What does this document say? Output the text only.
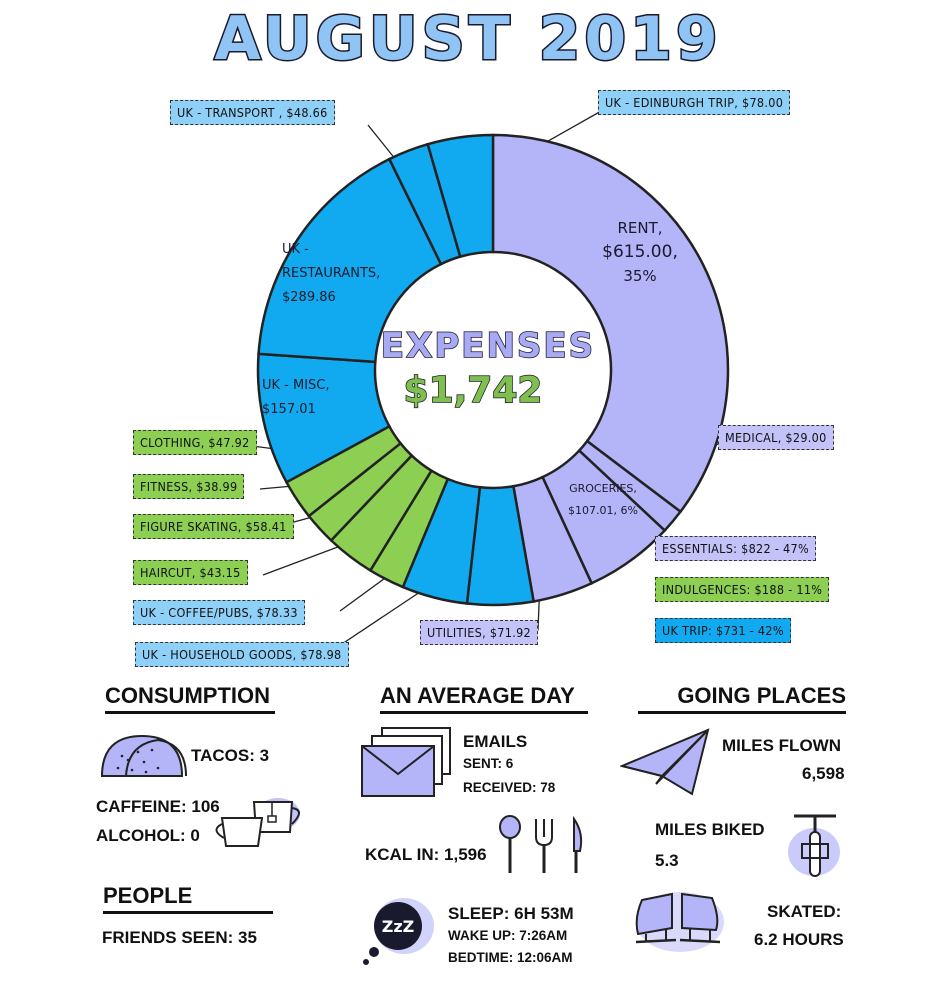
AUGUST 2019
RENT,
$615.00,
35%
UK -
RESTAURANTS,
$289.86
UK - MISC,
$157.01
GROCERIES,
$107.01, 6%
EXPENSES
$1,742
UK - TRANSPORT , $48.66
UK - EDINBURGH TRIP, $78.00
MEDICAL, $29.00
CLOTHING, $47.92
FITNESS, $38.99
FIGURE SKATING, $58.41
HAIRCUT, $43.15
UK - COFFEE/PUBS, $78.33
UK - HOUSEHOLD GOODS, $78.98
UTILITIES, $71.92
ESSENTIALS: $822 - 47%
INDULGENCES: $188 - 11%
UK TRIP: $731 - 42%
CONSUMPTION
TACOS: 3
CAFFEINE: 106
ALCOHOL: 0
PEOPLE
FRIENDS SEEN: 35
AN AVERAGE DAY
EMAILS
SENT: 6
RECEIVED: 78
KCAL IN: 1,596
ZzZ
SLEEP: 6H 53M
WAKE UP: 7:26AM
BEDTIME: 12:06AM
GOING PLACES
MILES FLOWN
6,598
MILES BIKED
5.3
SKATED:
6.2 HOURS
